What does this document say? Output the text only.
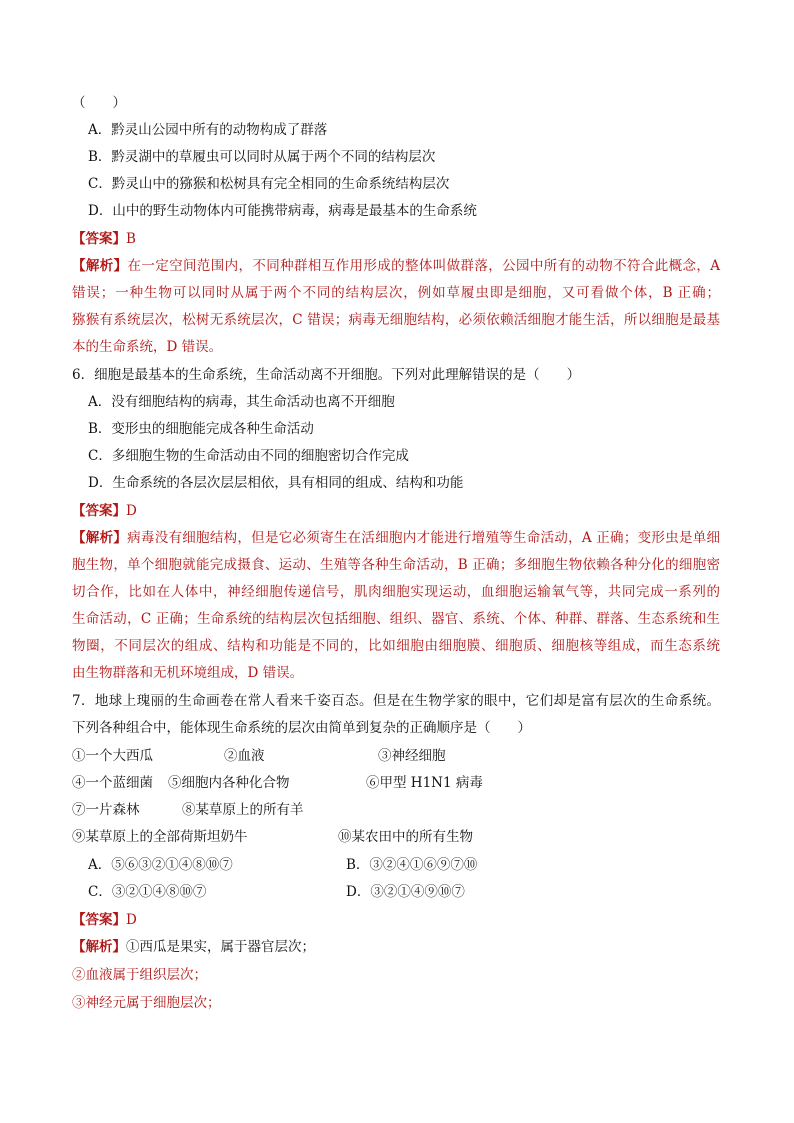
（　　）
A．黔灵山公园中所有的动物构成了群落
B．黔灵湖中的草履虫可以同时从属于两个不同的结构层次
C．黔灵山中的猕猴和松树具有完全相同的生命系统结构层次
D．山中的野生动物体内可能携带病毒，病毒是最基本的生命系统
【答案】B
【解析】在一定空间范围内，不同种群相互作用形成的整体叫做群落，公园中所有的动物不符合此概念，A
错误；一种生物可以同时从属于两个不同的结构层次，例如草履虫即是细胞，又可看做个体，B 正确；
猕猴有系统层次，松树无系统层次，C 错误；病毒无细胞结构，必须依赖活细胞才能生活，所以细胞是最基
本的生命系统，D 错误。
6．细胞是最基本的生命系统，生命活动离不开细胞。下列对此理解错误的是（　　）
A．没有细胞结构的病毒，其生命活动也离不开细胞
B．变形虫的细胞能完成各种生命活动
C．多细胞生物的生命活动由不同的细胞密切合作完成
D．生命系统的各层次层层相依，具有相同的组成、结构和功能
【答案】D
【解析】病毒没有细胞结构，但是它必须寄生在活细胞内才能进行增殖等生命活动，A 正确；变形虫是单细
胞生物，单个细胞就能完成摄食、运动、生殖等各种生命活动，B 正确；多细胞生物依赖各种分化的细胞密
切合作，比如在人体中，神经细胞传递信号，肌肉细胞实现运动，血细胞运输氧气等，共同完成一系列的
生命活动，C 正确；生命系统的结构层次包括细胞、组织、器官、系统、个体、种群、群落、生态系统和生
物圈，不同层次的组成、结构和功能是不同的，比如细胞由细胞膜、细胞质、细胞核等组成，而生态系统
由生物群落和无机环境组成，D 错误。
7．地球上瑰丽的生命画卷在常人看来千姿百态。但是在生物学家的眼中，它们却是富有层次的生命系统。
下列各种组合中，能体现生命系统的层次由简单到复杂的正确顺序是（　　）
①一个大西瓜	②血液	③神经细胞
④一个蓝细菌 ⑤细胞内各种化合物	⑥甲型 H1N1 病毒
⑦一片森林	⑧某草原上的所有羊
⑨某草原上的全部荷斯坦奶牛	⑩某农田中的所有生物
A．⑤⑥③②①④⑧⑩⑦	B．③②④①⑥⑨⑦⑩
C．③②①④⑧⑩⑦	D．③②①④⑨⑩⑦
【答案】D
【解析】①西瓜是果实，属于器官层次；
②血液属于组织层次；
③神经元属于细胞层次；
